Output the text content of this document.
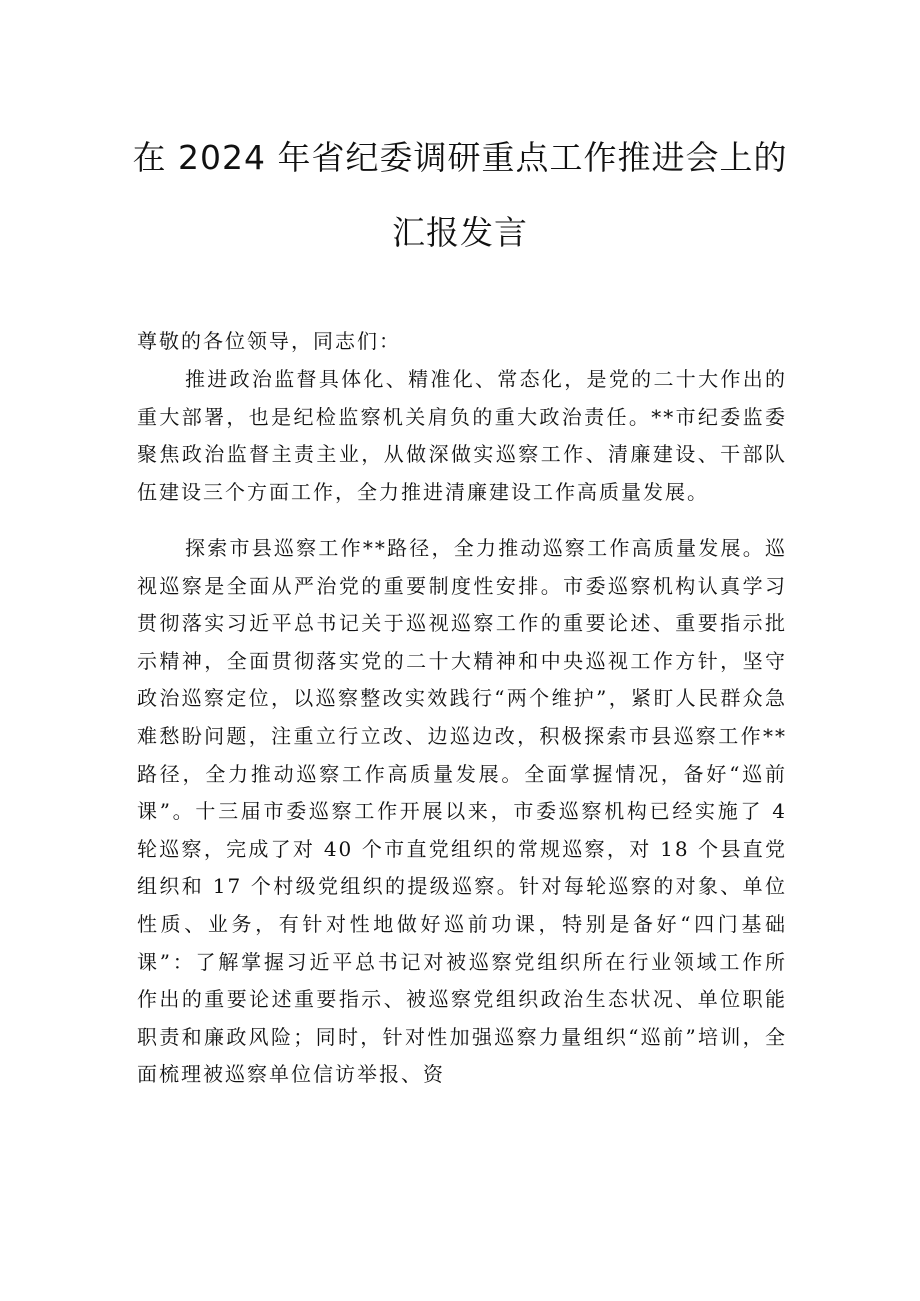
在 2024 年省纪委调研重点工作推进会上的
汇报发言
尊敬的各位领导，同志们：

推进政治监督具体化、精准化、常态化，是党的二十大作出的重大部署，也是纪检监察机关肩负的重大政治责任。**市纪委监委聚焦政治监督主责主业，从做深做实巡察工作、清廉建设、干部队伍建设三个方面工作，全力推进清廉建设工作高质量发展。

探索市县巡察工作**路径，全力推动巡察工作高质量发展。巡视巡察是全面从严治党的重要制度性安排。市委巡察机构认真学习贯彻落实习近平总书记关于巡视巡察工作的重要论述、重要指示批示精神，全面贯彻落实党的二十大精神和中央巡视工作方针，坚守政治巡察定位，以巡察整改实效践行“两个维护”，紧盯人民群众急难愁盼问题，注重立行立改、边巡边改，积极探索市县巡察工作**路径，全力推动巡察工作高质量发展。全面掌握情况，备好“巡前课”。十三届市委巡察工作开展以来，市委巡察机构已经实施了 4 轮巡察，完成了对 40 个市直党组织的常规巡察，对 18 个县直党组织和 17 个村级党组织的提级巡察。针对每轮巡察的对象、单位性质、业务，有针对性地做好巡前功课，特别是备好“四门基础课”：了解掌握习近平总书记对被巡察党组织所在行业领域工作所作出的重要论述重要指示、被巡察党组织政治生态状况、单位职能职责和廉政风险；同时，针对性加强巡察力量组织“巡前”培训，全面梳理被巡察单位信访举报、资
